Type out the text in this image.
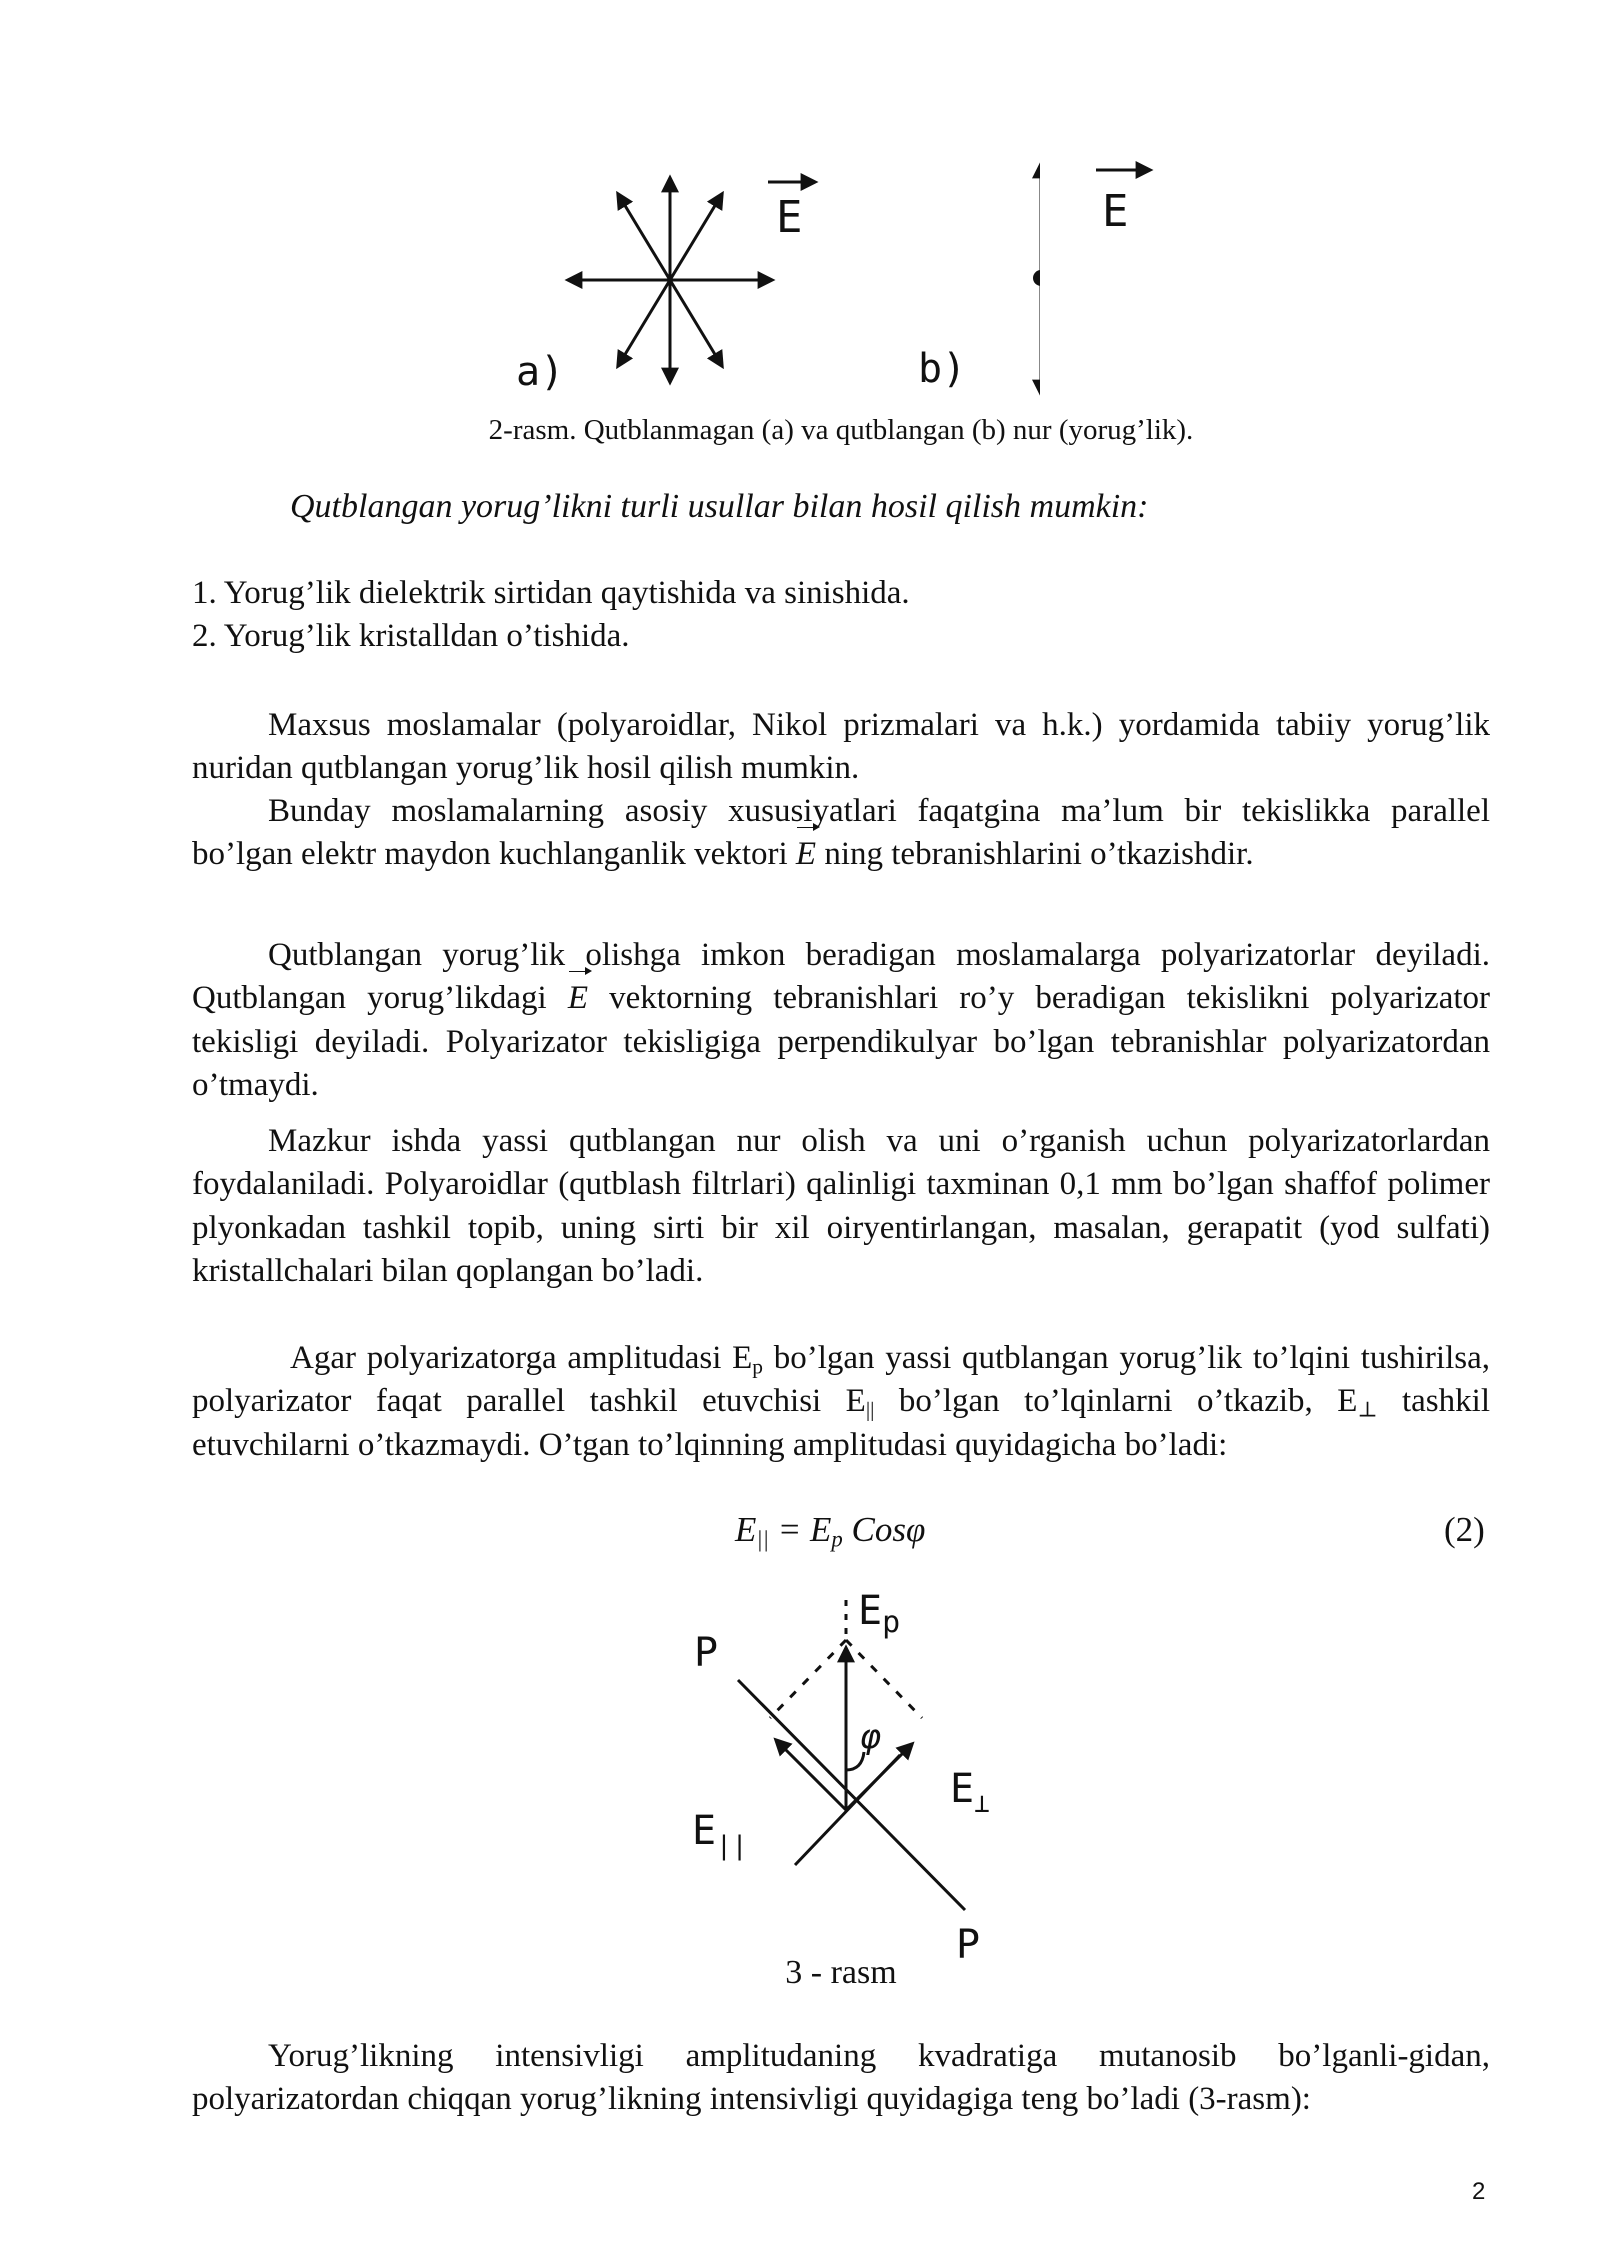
a)
E
b)
E
2-rasm. Qutblanmagan (a) va qutblangan (b) nur (yorug’lik).
Qutblangan yorug’likni turli usullar bilan hosil qilish mumkin:
1. Yorug’lik dielektrik sirtidan qaytishida va sinishida.
2. Yorug’lik kristalldan o’tishida.
Maxsus moslamalar (polyaroidlar, Nikol prizmalari va h.k.) yordamida tabiiy yorug’lik nuridan qutblangan yorug’lik hosil qilish mumkin.
Bunday moslamalarning asosiy xususiyatlari faqatgina ma’lum bir tekislikka parallel bo’lgan elektr maydon kuchlanganlik vektori E ning tebranishlarini o’tkazishdir.
Qutblangan yorug’lik olishga imkon beradigan moslamalarga polyarizatorlar deyiladi. Qutblangan yorug’likdagi E vektorning tebranishlari ro’y beradigan tekislikni polyarizator tekisligi deyiladi. Polyarizator tekisligiga perpendikulyar bo’lgan tebranishlar polyarizatordan o’tmaydi.
Mazkur ishda yassi qutblangan nur olish va uni o’rganish uchun polyarizatorlardan foydalaniladi. Polyaroidlar (qutblash filtrlari) qalinligi taxminan 0,1 mm bo’lgan shaffof polimer plyonkadan tashkil topib, uning sirti bir xil oiryentirlangan, masalan, gerapatit (yod sulfati) kristallchalari bilan qoplangan bo’ladi.
Agar polyarizatorga amplitudasi $E_p$ bo’lgan yassi qutblangan yorug’lik to’lqini tushirilsa, polyarizator faqat parallel tashkil etuvchisi $E_{||}$ bo’lgan to’lqinlarni o’tkazib, $E_\perp$ tashkil etuvchilarni o’tkazmaydi. O’tgan to’lqinning amplitudasi quyidagicha bo’ladi:
$E_{||} = E_p$ Cosφ	(2)
P
$E_p$
φ
$E_\perp$
$E_{||}$
P
3 - rasm
Yorug’likning intensivligi amplitudaning kvadratiga mutanosib bo’lganli-gidan, polyarizatordan chiqqan yorug’likning intensivligi quyidagiga teng bo’ladi (3-rasm):
2
